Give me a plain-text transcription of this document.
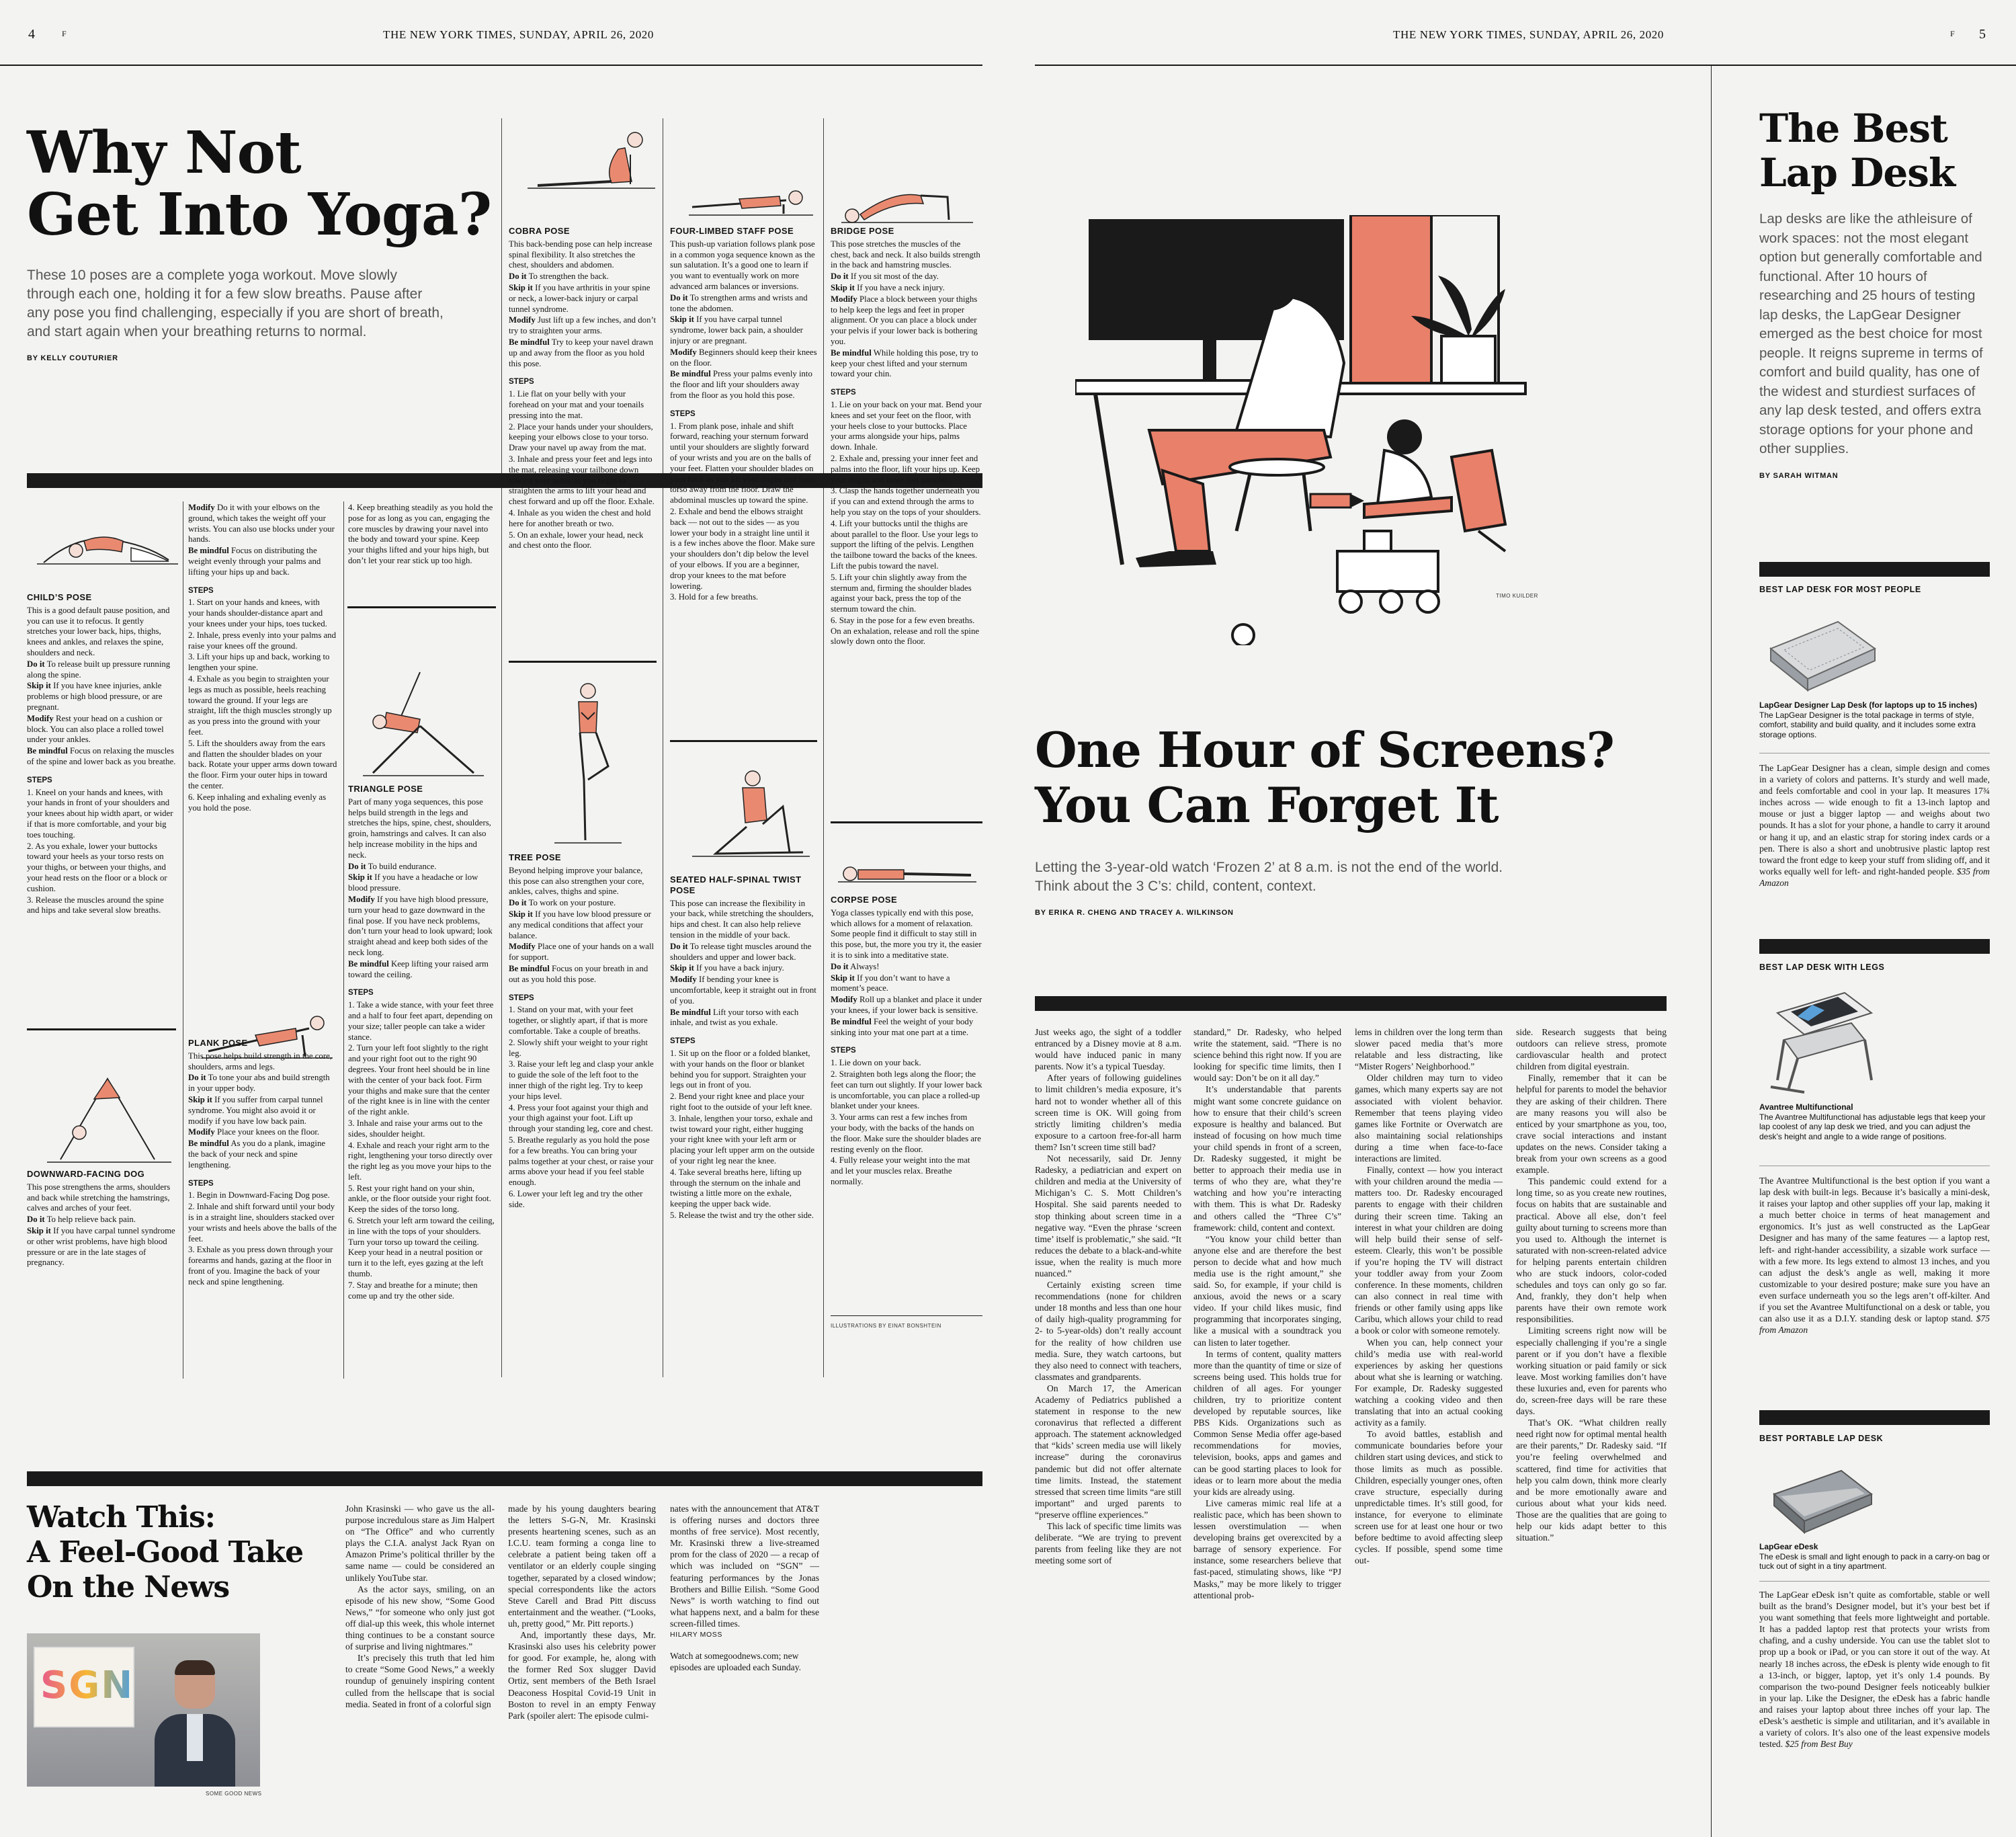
4	F	THE NEW YORK TIMES, SUNDAY, APRIL 26, 2020	THE NEW YORK TIMES, SUNDAY, APRIL 26, 2020	F 5
Why Not
Get Into Yoga?
These 10 poses are a complete yoga workout. Move slowly through each one, holding it for a few slow breaths. Pause after any pose you find challenging, especially if you are short of breath, and start again when your breathing returns to normal.
BY KELLY COUTURIER
CHILD’S POSE

This is a good default pause position, and you can use it to refocus. It gently stretches your lower back, hips, thighs, knees and ankles, and relaxes the spine, shoulders and neck.

Do it To release built up pressure running along the spine.

Skip it If you have knee injuries, ankle problems or high blood pressure, or are pregnant.

Modify Rest your head on a cushion or block. You can also place a rolled towel under your ankles.

Be mindful Focus on relaxing the muscles of the spine and lower back as you breathe.

STEPS

1. Kneel on your hands and knees, with your hands in front of your shoulders and your knees about hip width apart, or wider if that is more comfortable, and your big toes touching.

2. As you exhale, lower your buttocks toward your heels as your torso rests on your thighs, or between your thighs, and your head rests on the floor or a block or cushion.

3. Release the muscles around the spine and hips and take several slow breaths.

DOWNWARD-FACING DOG

This pose strengthens the arms, shoulders and back while stretching the hamstrings, calves and arches of your feet.

Do it To help relieve back pain.

Skip it If you have carpal tunnel syndrome or other wrist problems, have high blood pressure or are in the late stages of pregnancy.

Modify Do it with your elbows on the ground, which takes the weight off your wrists. You can also use blocks under your hands.

Be mindful Focus on distributing the weight evenly through your palms and lifting your hips up and back.

STEPS

1. Start on your hands and knees, with your hands shoulder-distance apart and your knees under your hips, toes tucked.

2. Inhale, press evenly into your palms and raise your knees off the ground.

3. Lift your hips up and back, working to lengthen your spine.

4. Exhale as you begin to straighten your legs as much as possible, heels reaching toward the ground. If your legs are straight, lift the thigh muscles strongly up as you press into the ground with your feet.

5. Lift the shoulders away from the ears and flatten the shoulder blades on your back. Rotate your upper arms down toward the floor. Firm your outer hips in toward the center.

6. Keep inhaling and exhaling evenly as you hold the pose.

PLANK POSE

This pose helps build strength in the core, shoulders, arms and legs.

Do it To tone your abs and build strength in your upper body.

Skip it If you suffer from carpal tunnel syndrome. You might also avoid it or modify if you have low back pain.

Modify Place your knees on the floor.

Be mindful As you do a plank, imagine the back of your neck and spine lengthening.

STEPS

1. Begin in Downward-Facing Dog pose.

2. Inhale and shift forward until your body is in a straight line, shoulders stacked over your wrists and heels above the balls of the feet.

3. Exhale as you press down through your forearms and hands, gazing at the floor in front of you. Imagine the back of your neck and spine lengthening.

4. Keep breathing steadily as you hold the pose for as long as you can, engaging the core muscles by drawing your navel into the body and toward your spine. Keep your thighs lifted and your hips high, but don’t let your rear stick up too high.

TRIANGLE POSE

Part of many yoga sequences, this pose helps build strength in the legs and stretches the hips, spine, chest, shoulders, groin, hamstrings and calves. It can also help increase mobility in the hips and neck.

Do it To build endurance.

Skip it If you have a headache or low blood pressure.

Modify If you have high blood pressure, turn your head to gaze downward in the final pose. If you have neck problems, don’t turn your head to look upward; look straight ahead and keep both sides of the neck long.

Be mindful Keep lifting your raised arm toward the ceiling.

STEPS

1. Take a wide stance, with your feet three and a half to four feet apart, depending on your size; taller people can take a wider stance.

2. Turn your left foot slightly to the right and your right foot out to the right 90 degrees. Your front heel should be in line with the center of your back foot. Firm your thighs and make sure that the center of the right knee is in line with the center of the right ankle.

3. Inhale and raise your arms out to the sides, shoulder height.

4. Exhale and reach your right arm to the right, lengthening your torso directly over the right leg as you move your hips to the left.

5. Rest your right hand on your shin, ankle, or the floor outside your right foot. Keep the sides of the torso long.

6. Stretch your left arm toward the ceiling, in line with the tops of your shoulders. Turn your torso up toward the ceiling. Keep your head in a neutral position or turn it to the left, eyes gazing at the left thumb.

7. Stay and breathe for a minute; then come up and try the other side.

COBRA POSE

This back-bending pose can help increase spinal flexibility. It also stretches the chest, shoulders and abdomen.

Do it To strengthen the back.

Skip it If you have arthritis in your spine or neck, a lower-back injury or carpal tunnel syndrome.

Modify Just lift up a few inches, and don’t try to straighten your arms.

Be mindful Try to keep your navel drawn up and away from the floor as you hold this pose.

STEPS

1. Lie flat on your belly with your forehead on your mat and your toenails pressing into the mat.

2. Place your hands under your shoulders, keeping your elbows close to your torso. Draw your navel up away from the mat.

3. Inhale and press your feet and legs into the mat, releasing your tailbone down toward your pubis as you begin to straighten the arms to lift your head and chest forward and up off the floor. Exhale.

4. Inhale as you widen the chest and hold here for another breath or two.

5. On an exhale, lower your head, neck and chest onto the floor.

TREE POSE

Beyond helping improve your balance, this pose can also strengthen your core, ankles, calves, thighs and spine.

Do it To work on your posture.

Skip it If you have low blood pressure or any medical conditions that affect your balance.

Modify Place one of your hands on a wall for support.

Be mindful Focus on your breath in and out as you hold this pose.

STEPS

1. Stand on your mat, with your feet together, or slightly apart, if that is more comfortable. Take a couple of breaths.

2. Slowly shift your weight to your right leg.

3. Raise your left leg and clasp your ankle to guide the sole of the left foot to the inner thigh of the right leg. Try to keep your hips level.

4. Press your foot against your thigh and your thigh against your foot. Lift up through your standing leg, core and chest.

5. Breathe regularly as you hold the pose for a few breaths. You can bring your palms together at your chest, or raise your arms above your head if you feel stable enough.

6. Lower your left leg and try the other side.

FOUR-LIMBED STAFF POSE

This push-up variation follows plank pose in a common yoga sequence known as the sun salutation. It’s a good one to learn if you want to eventually work on more advanced arm balances or inversions.

Do it To strengthen arms and wrists and tone the abdomen.

Skip it If you have carpal tunnel syndrome, lower back pain, a shoulder injury or are pregnant.

Modify Beginners should keep their knees on the floor.

Be mindful Press your palms evenly into the floor and lift your shoulders away from the floor as you hold this pose.

STEPS

1. From plank pose, inhale and shift forward, reaching your sternum forward until your shoulders are slightly forward of your wrists and you are on the balls of your feet. Flatten your shoulder blades on your back as you lift your thighs and front torso away from the floor. Draw the abdominal muscles up toward the spine.

2. Exhale and bend the elbows straight back — not out to the sides — as you lower your body in a straight line until it is a few inches above the floor. Make sure your shoulders don’t dip below the level of your elbows. If you are a beginner, drop your knees to the mat before lowering.

3. Hold for a few breaths.

SEATED HALF-SPINAL TWIST POSE

This pose can increase the flexibility in your back, while stretching the shoulders, hips and chest. It can also help relieve tension in the middle of your back.

Do it To release tight muscles around the shoulders and upper and lower back.

Skip it If you have a back injury.

Modify If bending your knee is uncomfortable, keep it straight out in front of you.

Be mindful Lift your torso with each inhale, and twist as you exhale.

STEPS

1. Sit up on the floor or a folded blanket, with your hands on the floor or blanket behind you for support. Straighten your legs out in front of you.

2. Bend your right knee and place your right foot to the outside of your left knee.

3. Inhale, lengthen your torso, exhale and twist toward your right, either hugging your right knee with your left arm or placing your left upper arm on the outside of your right leg near the knee.

4. Take several breaths here, lifting up through the sternum on the inhale and twisting a little more on the exhale, keeping the upper back wide.

5. Release the twist and try the other side.

BRIDGE POSE

This pose stretches the muscles of the chest, back and neck. It also builds strength in the back and hamstring muscles.

Do it If you sit most of the day.

Skip it If you have a neck injury.

Modify Place a block between your thighs to help keep the legs and feet in proper alignment. Or you can place a block under your pelvis if your lower back is bothering you.

Be mindful While holding this pose, try to keep your chest lifted and your sternum toward your chin.

STEPS

1. Lie on your back on your mat. Bend your knees and set your feet on the floor, with your heels close to your buttocks. Place your arms alongside your hips, palms down. Inhale.

2. Exhale and, pressing your inner feet and palms into the floor, lift your hips up. Keep your thighs and inner feet parallel.

3. Clasp the hands together underneath you if you can and extend through the arms to help you stay on the tops of your shoulders.

4. Lift your buttocks until the thighs are about parallel to the floor. Use your legs to support the lifting of the pelvis. Lengthen the tailbone toward the backs of the knees. Lift the pubis toward the navel.

5. Lift your chin slightly away from the sternum and, firming the shoulder blades against your back, press the top of the sternum toward the chin.

6. Stay in the pose for a few even breaths. On an exhalation, release and roll the spine slowly down onto the floor.

CORPSE POSE

Yoga classes typically end with this pose, which allows for a moment of relaxation. Some people find it difficult to stay still in this pose, but, the more you try it, the easier it is to sink into a meditative state.

Do it Always!

Skip it If you don’t want to have a moment’s peace.

Modify Roll up a blanket and place it under your knees, if your lower back is sensitive.

Be mindful Feel the weight of your body sinking into your mat one part at a time.

STEPS

1. Lie down on your back.

2. Straighten both legs along the floor; the feet can turn out slightly. If your lower back is uncomfortable, you can place a rolled-up blanket under your knees.

3. Your arms can rest a few inches from your body, with the backs of the hands on the floor. Make sure the shoulder blades are resting evenly on the floor.

4. Fully release your weight into the mat and let your muscles relax. Breathe normally.

ILLUSTRATIONS BY EINAT BONSHTEIN
Watch This:
A Feel-Good Take
On the News
SGN
SOME GOOD NEWS

John Krasinski — who gave us the all-purpose incredulous stare as Jim Halpert on “The Office” and who currently plays the C.I.A. analyst Jack Ryan on Amazon Prime’s political thriller by the same name — could be considered an unlikely YouTube star.

As the actor says, smiling, on an episode of his new show, “Some Good News,” “for someone who only just got off dial-up this week, this whole internet thing continues to be a constant source of surprise and living nightmares.”

It’s precisely this truth that led him to create “Some Good News,” a weekly roundup of genuinely inspiring content culled from the hellscape that is social media. Seated in front of a colorful sign

made by his young daughters bearing the letters S-G-N, Mr. Krasinski presents heartening scenes, such as an I.C.U. team forming a conga line to celebrate a patient being taken off a ventilator or an elderly couple singing together, separated by a closed window; special correspondents like the actors Steve Carell and Brad Pitt discuss entertainment and the weather. (“Looks, uh, pretty good,” Mr. Pitt reports.)

And, importantly these days, Mr. Krasinski also uses his celebrity power for good. For example, he, along with the former Red Sox slugger David Ortiz, sent members of the Beth Israel Deaconess Hospital Covid-19 Unit in Boston to revel in an empty Fenway Park (spoiler alert: The episode culmi-

nates with the announcement that AT&T is offering nurses and doctors three months of free service). Most recently, Mr. Krasinski threw a live-streamed prom for the class of 2020 — a recap of which was included on “SGN” — featuring performances by the Jonas Brothers and Billie Eilish. “Some Good News” is worth watching to find out what happens next, and a balm for these screen-filled times.

HILARY MOSS

Watch at somegoodnews.com; new episodes are uploaded each Sunday.

TIMO KUILDER
One Hour of Screens?
You Can Forget It
Letting the 3-year-old watch ‘Frozen 2’ at 8 a.m. is not the end of the world. Think about the 3 C’s: child, content, context.
BY ERIKA R. CHENG AND TRACEY A. WILKINSON

Just weeks ago, the sight of a toddler entranced by a Disney movie at 8 a.m. would have induced panic in many parents. Now it’s a typical Tuesday.

After years of following guidelines to limit children’s media exposure, it’s hard not to wonder whether all of this screen time is OK. Will going from strictly limiting children’s media exposure to a cartoon free-for-all harm them? Isn’t screen time still bad?

Not necessarily, said Dr. Jenny Radesky, a pediatrician and expert on children and media at the University of Michigan’s C. S. Mott Children’s Hospital. She said parents needed to stop thinking about screen time in a negative way. “Even the phrase ‘screen time’ itself is problematic,” she said. “It reduces the debate to a black-and-white issue, when the reality is much more nuanced.”

Certainly existing screen time recommendations (none for children under 18 months and less than one hour of daily high-quality programming for 2- to 5-year-olds) don’t really account for the reality of how children use media. Sure, they watch cartoons, but they also need to connect with teachers, classmates and grandparents.

On March 17, the American Academy of Pediatrics published a statement in response to the new coronavirus that reflected a different approach. The statement acknowledged that “kids’ screen media use will likely increase” during the coronavirus pandemic but did not offer alternate time limits. Instead, the statement stressed that screen time limits “are still important” and urged parents to “preserve offline experiences.”

This lack of specific time limits was deliberate. “We are trying to prevent parents from feeling like they are not meeting some sort of

standard,” Dr. Radesky, who helped write the statement, said. “There is no science behind this right now. If you are looking for specific time limits, then I would say: Don’t be on it all day.”

It’s understandable that parents might want some concrete guidance on how to ensure that their child’s screen exposure is healthy and balanced. But instead of focusing on how much time your child spends in front of a screen, Dr. Radesky suggested, it might be better to approach their media use in terms of who they are, what they’re watching and how you’re interacting with them. This is what Dr. Radesky and others called the “Three C’s” framework: child, content and context.

“You know your child better than anyone else and are therefore the best person to decide what and how much media use is the right amount,” she said. So, for example, if your child is anxious, avoid the news or a scary video. If your child likes music, find programming that incorporates singing, like a musical with a soundtrack you can listen to later together.

In terms of content, quality matters more than the quantity of time or size of screens being used. This holds true for children of all ages. For younger children, try to prioritize content developed by reputable sources, like PBS Kids. Organizations such as Common Sense Media offer age-based recommendations for movies, television, books, apps and games and can be good starting places to look for ideas or to learn more about the media your kids are already using.

Live cameras mimic real life at a realistic pace, which has been shown to lessen overstimulation — when developing brains get overexcited by a barrage of sensory experience. For instance, some researchers believe that fast-paced, stimulating shows, like “PJ Masks,” may be more likely to trigger attentional prob-

lems in children over the long term than slower paced media that’s more relatable and less distracting, like “Mister Rogers’ Neighborhood.”

Older children may turn to video games, which many experts say are not associated with violent behavior. Remember that teens playing video games like Fortnite or Overwatch are also maintaining social relationships during a time when face-to-face interactions are limited.

Finally, context — how you interact with your children around the media — matters too. Dr. Radesky encouraged parents to engage with their children during their screen time. Taking an interest in what your children are doing will help build their sense of self-esteem. Clearly, this won’t be possible if you’re hoping the TV will distract your toddler away from your Zoom conference. In these moments, children can also connect in real time with friends or other family using apps like Caribu, which allows your child to read a book or color with someone remotely.

When you can, help connect your child’s media use with real-world experiences by asking her questions about what she is learning or watching. For example, Dr. Radesky suggested watching a cooking video and then translating that into an actual cooking activity as a family.

To avoid battles, establish and communicate boundaries before your children start using devices, and stick to those limits as much as possible. Children, especially younger ones, often crave structure, especially during unpredictable times. It’s still good, for instance, for everyone to eliminate screen use for at least one hour or two before bedtime to avoid affecting sleep cycles. If possible, spend some time out-

side. Research suggests that being outdoors can relieve stress, promote cardiovascular health and protect children from digital eyestrain.

Finally, remember that it can be helpful for parents to model the behavior they are asking of their children. There are many reasons you will also be enticed by your smartphone as you, too, crave social interactions and instant updates on the news. Consider taking a break from your own screens as a good example.

This pandemic could extend for a long time, so as you create new routines, focus on habits that are sustainable and practical. Above all else, don’t feel guilty about turning to screens more than you used to. Although the internet is saturated with non-screen-related advice for helping parents entertain children who are stuck indoors, color-coded schedules and toys can only go so far. And, frankly, they don’t help when parents have their own remote work responsibilities.

Limiting screens right now will be especially challenging if you’re a single parent or if you don’t have a flexible working situation or paid family or sick leave. Most working families don’t have these luxuries and, even for parents who do, screen-free days will be rare these days.

That’s OK. “What children really need right now for optimal mental health are their parents,” Dr. Radesky said. “If you’re feeling overwhelmed and scattered, find time for activities that help you calm down, think more clearly and be more emotionally aware and curious about what your kids need. Those are the qualities that are going to help our kids adapt better to this situation.”

The Best
Lap Desk
Lap desks are like the athleisure of work spaces: not the most elegant option but generally comfortable and functional. After 10 hours of researching and 25 hours of testing lap desks, the LapGear Designer emerged as the best choice for most people. It reigns supreme in terms of comfort and build quality, has one of the widest and sturdiest surfaces of any lap desk tested, and offers extra storage options for your phone and other supplies.
BY SARAH WITMAN
BEST LAP DESK FOR MOST PEOPLE
LapGear Designer Lap Desk (for laptops up to 15 inches)
The LapGear Designer is the total package in terms of style, comfort, stability and build quality, and it includes some extra storage options.

The LapGear Designer has a clean, simple design and comes in a variety of colors and patterns. It’s sturdy and well made, and feels comfortable and cool in your lap. It measures 17¾ inches across — wide enough to fit a 13-inch laptop and mouse or just a bigger laptop — and weighs about two pounds. It has a slot for your phone, a handle to carry it around or hang it up, and an elastic strap for storing index cards or a pen. There is also a short and unobtrusive plastic laptop rest toward the front edge to keep your stuff from sliding off, and it works equally well for left- and right-handed people. $35 from Amazon

BEST LAP DESK WITH LEGS
Avantree Multifunctional
The Avantree Multifunctional has adjustable legs that keep your lap coolest of any lap desk we tried, and you can adjust the desk’s height and angle to a wide range of positions.

The Avantree Multifunctional is the best option if you want a lap desk with built-in legs. Because it’s basically a mini-desk, it raises your laptop and other supplies off your lap, making it a much better choice in terms of heat management and ergonomics. It’s just as well constructed as the LapGear Designer and has many of the same features — a laptop rest, left- and right-hander accessibility, a sizable work surface — with a few more. Its legs extend to almost 13 inches, and you can adjust the desk’s angle as well, making it more customizable to your desired posture; make sure you have an even surface underneath you so the legs aren’t off-kilter. And if you set the Avantree Multifunctional on a desk or table, you can also use it as a D.I.Y. standing desk or laptop stand. $75 from Amazon

BEST PORTABLE LAP DESK
LapGear eDesk
The eDesk is small and light enough to pack in a carry-on bag or tuck out of sight in a tiny apartment.

The LapGear eDesk isn’t quite as comfortable, stable or well built as the brand’s Designer model, but it’s your best bet if you want something that feels more lightweight and portable. It has a padded laptop rest that protects your wrists from chafing, and a cushy underside. You can use the tablet slot to prop up a book or iPad, or you can store it out of the way. At nearly 18 inches across, the eDesk is plenty wide enough to fit a 13-inch, or bigger, laptop, yet it’s only 1.4 pounds. By comparison the two-pound Designer feels noticeably bulkier in your lap. Like the Designer, the eDesk has a fabric handle and raises your laptop about three inches off your lap. The eDesk’s aesthetic is simple and utilitarian, and it’s available in a variety of colors. It’s also one of the least expensive models tested. $25 from Best Buy
